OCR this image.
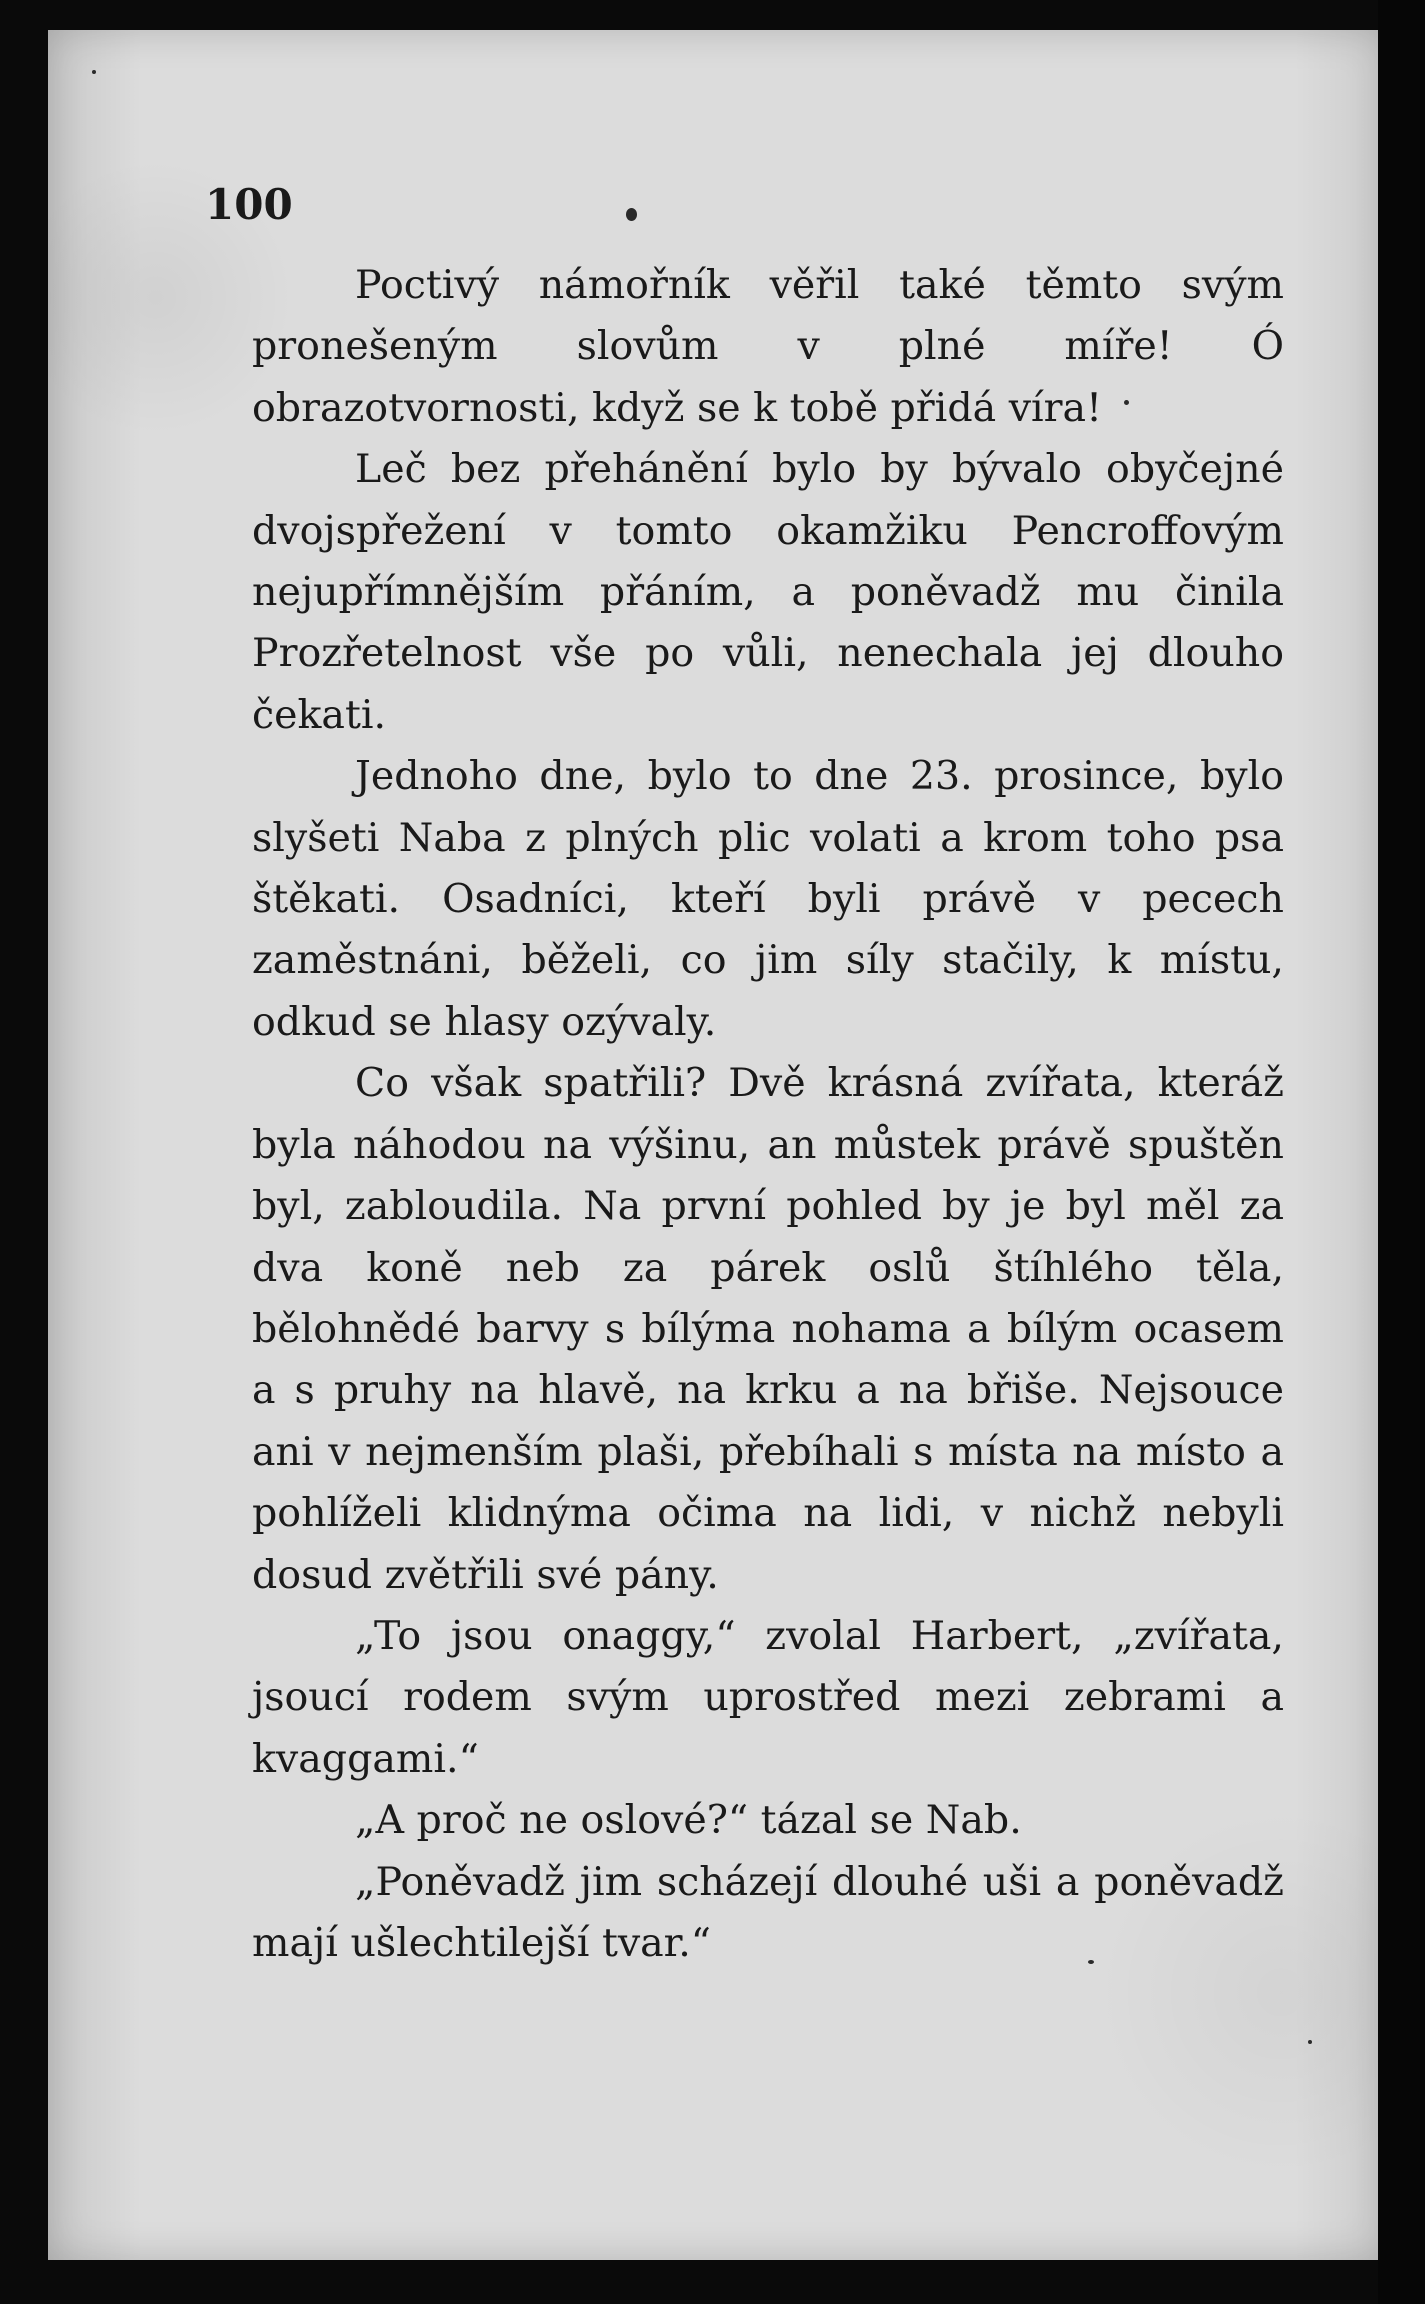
100

Poctivý námořník věřil také těmto svým pronešeným slovům v plné míře! Ó obrazotvornosti, když se k tobě přidá víra!

Leč bez přehánění bylo by bývalo obyčejné dvojspřežení v tomto okamžiku Pencroffovým nejupřímnějším přáním, a poněvadž mu činila Prozřetelnost vše po vůli, nenechala jej dlouho čekati.

Jednoho dne, bylo to dne 23. prosince, bylo slyšeti Naba z plných plic volati a krom toho psa štěkati. Osadníci, kteří byli právě v pecech zaměstnáni, běželi, co jim síly stačily, k místu, odkud se hlasy ozývaly.

Co však spatřili? Dvě krásná zvířata, kteráž byla náhodou na výšinu, an můstek právě spuštěn byl, zabloudila. Na první pohled by je byl měl za dva koně neb za párek oslů štíhlého těla, bělohnědé barvy s bílýma nohama a bílým ocasem a s pruhy na hlavě, na krku a na břiše. Nejsouce ani v nejmenším plaši, přebíhali s místa na místo a pohlíželi klidnýma očima na lidi, v nichž nebyli dosud zvětřili své pány.

„To jsou onaggy,“ zvolal Harbert, „zvířata, jsoucí rodem svým uprostřed mezi zebrami a kvaggami.“

„A proč ne oslové?“ tázal se Nab.

„Poněvadž jim scházejí dlouhé uši a poněvadž mají ušlechtilejší tvar.“
